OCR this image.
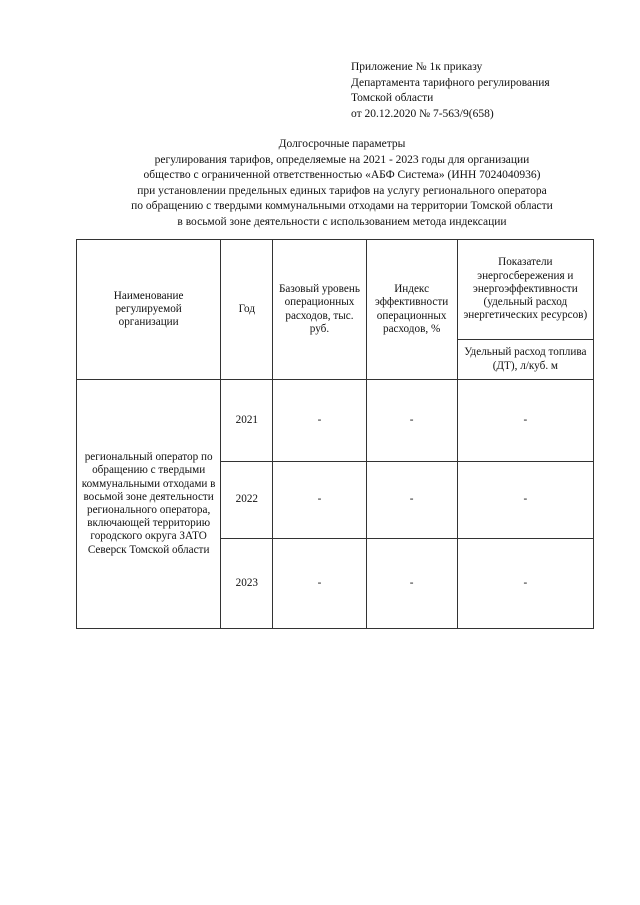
Приложение № 1к приказу
Департамента тарифного регулирования
Томской области
от 20.12.2020 № 7-563/9(658)
Долгосрочные параметры
регулирования тарифов, определяемые на 2021 - 2023 годы для организации
общество с ограниченной ответственностью «АБФ Система» (ИНН 7024040936)
при установлении предельных единых тарифов на услугу регионального оператора
по обращению с твердыми коммунальными отходами на территории Томской области
в восьмой зоне деятельности с использованием метода индексации
Наименование регулируемой организации	Год	Базовый уровень операционных расходов, тыс. руб.	Индекс эффективности операционных расходов, %	Показатели энергосбережения и энергоэффективности (удельный расход энергетических ресурсов)
				Удельный расход топлива (ДТ), л/куб. м
региональный оператор по обращению с твердыми коммунальными отходами в восьмой зоне деятельности регионального оператора, включающей территорию городского округа ЗАТО Северск Томской области	2021	-	-	-
	2022	-	-	-
	2023	-	-	-
